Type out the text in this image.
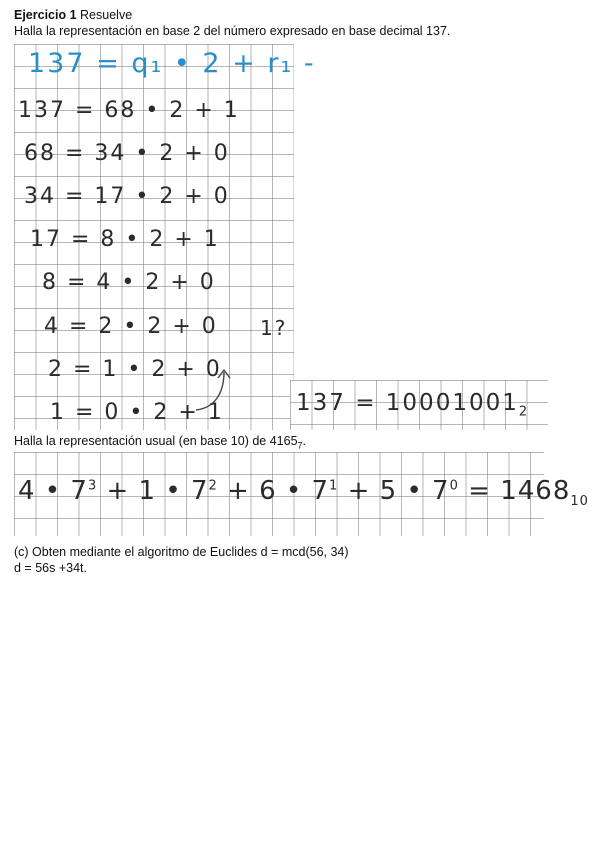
Ejercicio 1 Resuelve
Halla la representación en base 2 del número expresado en base decimal 137.
137 = q₁ • 2 + r₁ -
137 = 68 • 2 + 1
68 = 34 • 2 + 0
34 = 17 • 2 + 0
17 = 8 • 2 + 1
8 = 4 • 2 + 0
4 = 2 • 2 + 0
2 = 1 • 2 + 0
1 = 0 • 2 + 1
1?
$137 = 10001001_2$
Halla la representación usual (en base 10) de $4165_7$.
4 • $7^3 + 1$ • $7^2 + 6$ • $7^1 + 5$ • $7^0 = 1468_{10}$
(c) Obten mediante el algoritmo de Euclides d = mcd(56, 34)
d = 56s +34t.
